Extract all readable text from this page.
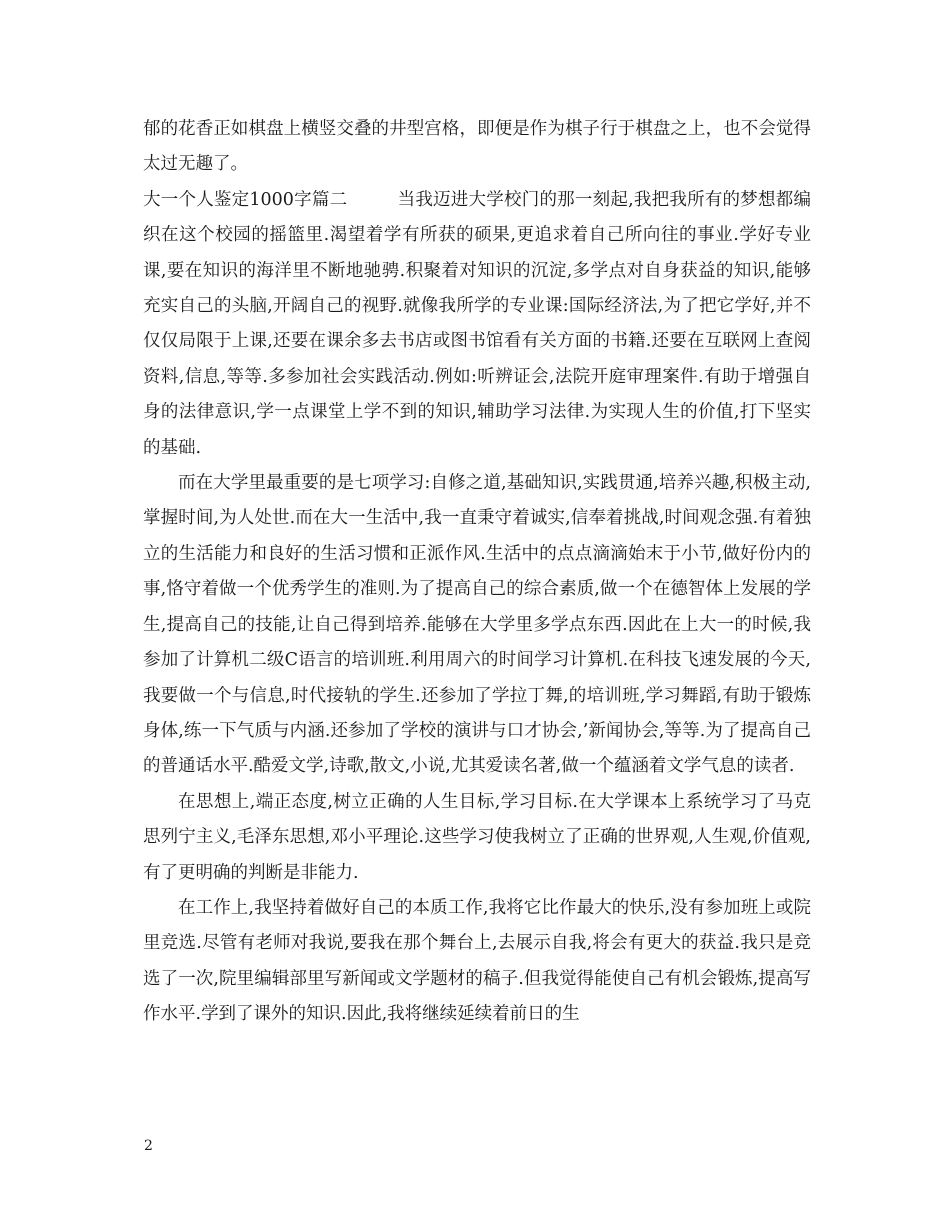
郁的花香正如棋盘上横竖交叠的井型宫格，即便是作为棋子行于棋盘之上，也不会觉得太过无趣了。

大一个人鉴定1000字篇二	当我迈进大学校门的那一刻起,我把我所有的梦想都编织在这个校园的摇篮里.渴望着学有所获的硕果,更追求着自己所向往的事业.学好专业课,要在知识的海洋里不断地驰骋.积聚着对知识的沉淀,多学点对自身获益的知识,能够充实自己的头脑,开阔自己的视野.就像我所学的专业课:国际经济法,为了把它学好,并不仅仅局限于上课,还要在课余多去书店或图书馆看有关方面的书籍.还要在互联网上查阅资料,信息,等等.多参加社会实践活动.例如:听辨证会,法院开庭审理案件.有助于增强自身的法律意识,学一点课堂上学不到的知识,辅助学习法律.为实现人生的价值,打下坚实的基础.

而在大学里最重要的是七项学习:自修之道,基础知识,实践贯通,培养兴趣,积极主动,掌握时间,为人处世.而在大一生活中,我一直秉守着诚实,信奉着挑战,时间观念强.有着独立的生活能力和良好的生活习惯和正派作风.生活中的点点滴滴始末于小节,做好份内的事,恪守着做一个优秀学生的准则.为了提高自己的综合素质,做一个在德智体上发展的学生,提高自己的技能,让自己得到培养.能够在大学里多学点东西.因此在上大一的时候,我参加了计算机二级C语言的培训班.利用周六的时间学习计算机.在科技飞速发展的今天,我要做一个与信息,时代接轨的学生.还参加了学拉丁舞,的培训班,学习舞蹈,有助于锻炼身体,练一下气质与内涵.还参加了学校的演讲与口才协会,’新闻协会,等等.为了提高自己的普通话水平.酷爱文学,诗歌,散文,小说,尤其爱读名著,做一个蕴涵着文学气息的读者.

在思想上,端正态度,树立正确的人生目标,学习目标.在大学课本上系统学习了马克思列宁主义,毛泽东思想,邓小平理论.这些学习使我树立了正确的世界观,人生观,价值观,有了更明确的判断是非能力.

在工作上,我坚持着做好自己的本质工作,我将它比作最大的快乐,没有参加班上或院里竞选.尽管有老师对我说,要我在那个舞台上,去展示自我,将会有更大的获益.我只是竞选了一次,院里编辑部里写新闻或文学题材的稿子.但我觉得能使自己有机会锻炼,提高写作水平.学到了课外的知识.因此,我将继续延续着前日的生

2
